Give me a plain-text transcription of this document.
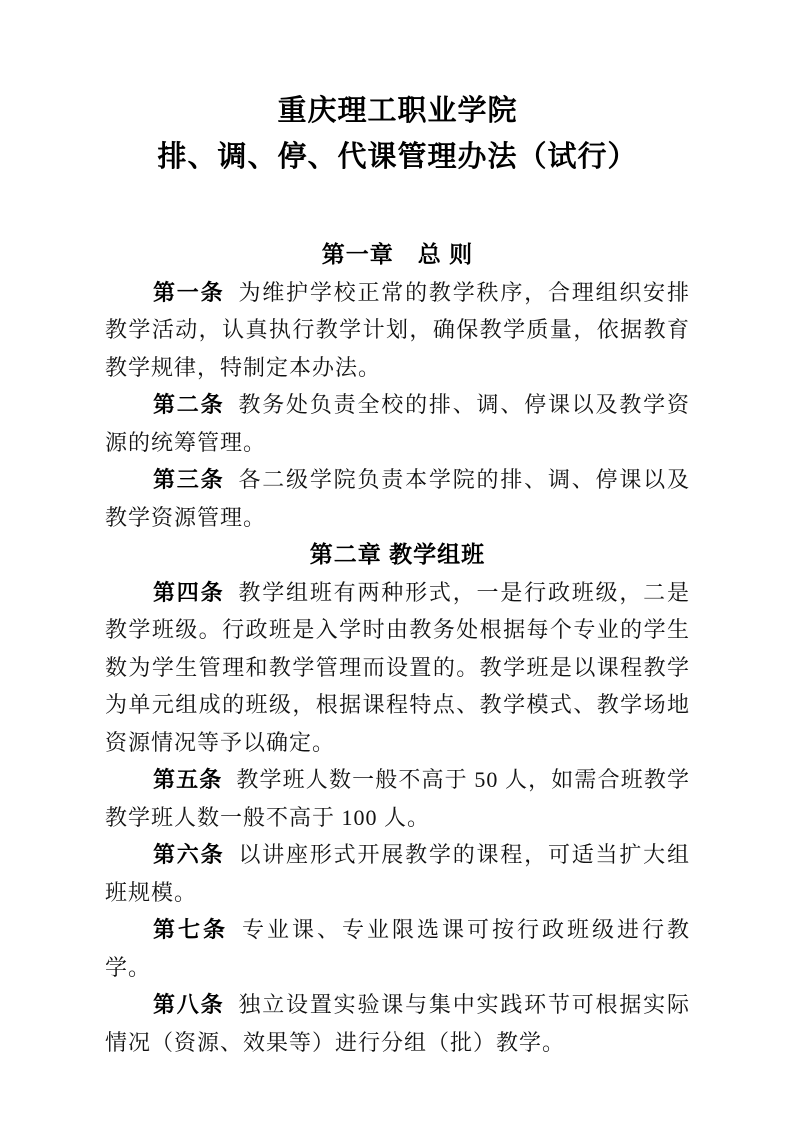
重庆理工职业学院
排、调、停、代课管理办法（试行）
第一章　总 则

第一条 为维护学校正常的教学秩序，合理组织安排教学活动，认真执行教学计划，确保教学质量，依据教育教学规律，特制定本办法。

第二条 教务处负责全校的排、调、停课以及教学资源的统筹管理。

第三条 各二级学院负责本学院的排、调、停课以及教学资源管理。

第二章 教学组班

第四条 教学组班有两种形式，一是行政班级，二是教学班级。行政班是入学时由教务处根据每个专业的学生数为学生管理和教学管理而设置的。教学班是以课程教学为单元组成的班级，根据课程特点、教学模式、教学场地资源情况等予以确定。

第五条 教学班人数一般不高于 50 人，如需合班教学教学班人数一般不高于 100 人。

第六条 以讲座形式开展教学的课程，可适当扩大组班规模。

第七条 专业课、专业限选课可按行政班级进行教学。

第八条 独立设置实验课与集中实践环节可根据实际情况（资源、效果等）进行分组（批）教学。
